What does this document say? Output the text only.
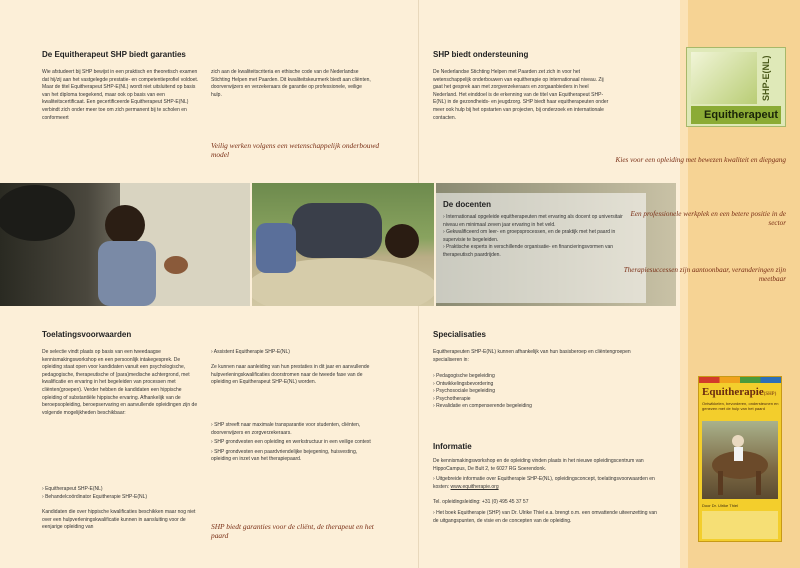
De Equitherapeut SHP biedt garanties

Wie afstudeert bij SHP bewijst in een praktisch en theoretisch examen dat hij/zij aan het vastgelegde prestatie- en competentieprofiel voldoet. Maar de titel Equitherapeut SHP-E(NL) wordt niet uitsluitend op basis van het diploma toegekend, maar ook op basis van een kwaliteitscertificaat. Een gecertificeerde Equitherapeut SHP-E(NL) verbindt zich onder meer toe om zich permanent bij te scholen en conformeert

zich aan de kwaliteitscriteria en ethische code van de Nederlandse Stichting Helpen met Paarden. Dit kwaliteitskeurmerk biedt aan cliënten, doorverwijzers en verzekeraars de garantie op professionele, veilige hulp.

Veilig werken volgens een wetenschappelijk onderbouwd model

SHP biedt ondersteuning

De Nederlandse Stichting Helpen met Paarden zet zich in voor het wetenschappelijk onderbouwen van equitherapie op internationaal niveau. Zij gaat het gesprek aan met zorgverzekeraars en zorgaanbieders in heel Nederland. Het einddoel is de erkenning van de titel van Equitherapeut SHP-E(NL) in de gezondheids- en jeugdzorg. SHP biedt haar equitherapeuten onder meer ook hulp bij het opstarten van projecten, bij onderzoek en internationale contacten.

De docenten
› Internationaal opgeleide equitherapeuten met ervaring als docent op universitair niveau en minimaal zeven jaar ervaring in het veld.
› Gekwalificeerd om leer- en groepsprocessen, en de praktijk met het paard in supervisie te begeleiden.
› Praktische experts in verschillende organisatie- en financieringsvormen van therapeutisch paardrijden.
SHP-E(NL)
Equitherapeut

Kies voor een opleiding met bewezen kwaliteit en diepgang

Een professionele werkplek en een betere positie in de sector

Therapiesuccessen zijn aantoonbaar, veranderingen zijn meetbaar

Toelatingsvoorwaarden

De selectie vindt plaats op basis van een tweedaagse kennismakingsworkshop en een persoonlijk intakegesprek. De opleiding staat open voor kandidaten vanuit een psychologische, pedagogische, therapeutische of (para)medische achtergrond, met kwalificatie en ervaring in het begeleiden van processen met cliënten(groepen). Verder hebben de kandidaten een hippische opleiding of substantiële hippische ervaring. Afhankelijk van de beroepsopleiding, beroepservaring en aanvullende opleidingen zijn de volgende mogelijkheden beschikbaar:

› Equitherapeut SHP-E(NL)
› Behandelcoördinator Equitherapie SHP-E(NL)

Kandidaten die over hippische kwalificaties beschikken maar nog niet over een hulpverleningskwalificatie kunnen in aansluiting voor de eenjarige opleiding van

› Assistent Equitherapie SHP-E(NL)

Ze kunnen naar aanleiding van hun prestaties in dit jaar en aanvullende hulpverleningskwalificaties doorstromen naar de tweede fase van de opleiding en Equitherapeut SHP-E(NL) worden.

› SHP streeft naar maximale transparantie voor studenten, cliënten, doorverwijzers en zorgverzekeraars.
› SHP grondvesten een opleiding en werkstructuur in een veilige context
› SHP grondvesten een paardvriendelijke bejegening, huisvesting, opleiding en inzet van het therapiepaard.

SHP biedt garanties voor de cliënt, de therapeut en het paard

Specialisaties

Equitherapeuten SHP-E(NL) kunnen afhankelijk van hun basisberoep en cliëntengroepen specialiseren in:

› Pedagogische begeleiding
› Ontwikkelingsbevordering
› Psychosociale begeleiding
› Psychotherapie
› Revalidatie en compenserende begeleiding
Informatie

De kennismakingsworkshop en de opleiding vinden plaats in het nieuwe opleidingscentrum van HippoCampus, De Bult 2, te 6027 RG Soerendonk.

› Uitgebreide informatie over Equitherapie SHP-E(NL), opleidingsconcept, toelatingsvoorwaarden en kosten: www.equitherapie.org

Tel. opleidingsleiding: +31 (0) 495 45 37 57

› Het boek Equitherapie (SHP) van Dr. Ulrike Thiel e.a. brengt o.m. een omvattende uiteenzetting van de uitgangspunten, de visie en de concepten van de opleiding.
Equitherapie(SHP)
Ontwikkelen, bevorderen, ondersteunen en genezen met de hulp van het paard
Door Dr. Ulrike Thiel
